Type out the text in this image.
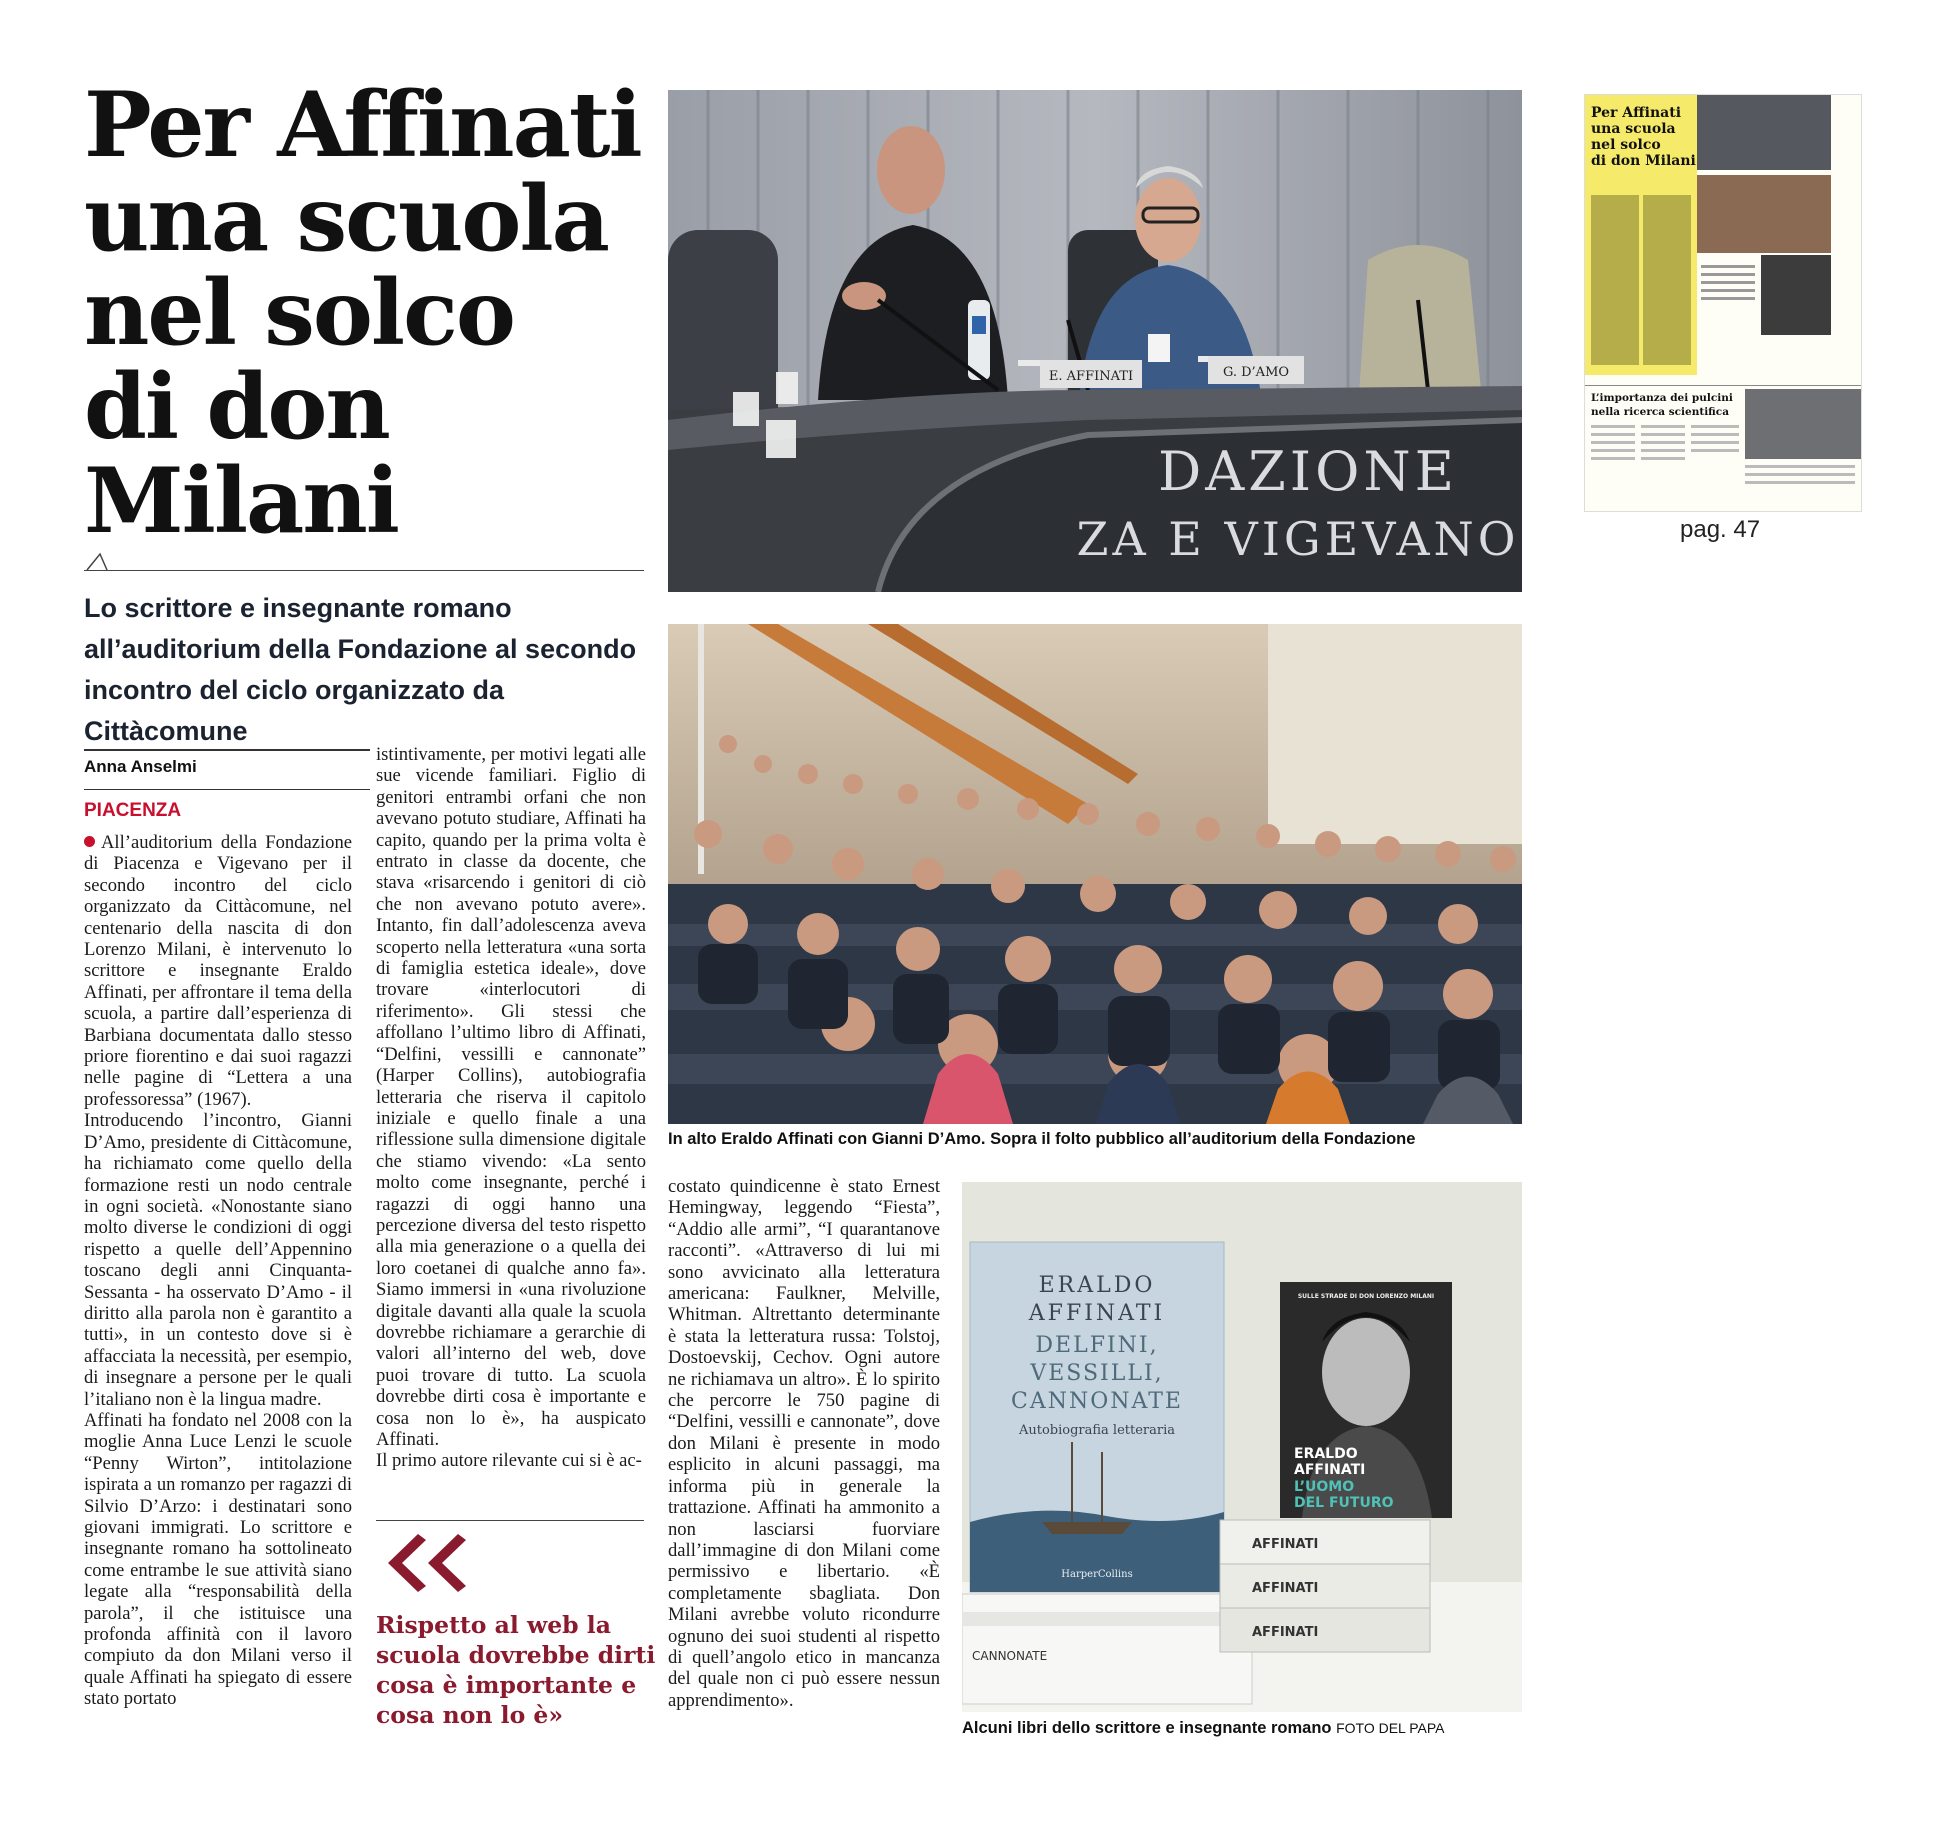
Per Affinati
una scuola
nel solco
di don Milani
Lo scrittore e insegnante romano
all’auditorium della Fondazione al secondo
incontro del ciclo organizzato da Cittàcomune
Anna Anselmi
PIACENZA

All’auditorium della Fondazione di Piacenza e Vigevano per il secondo incontro del ciclo organizzato da Cittàcomune, nel centenario della nascita di don Lorenzo Milani, è intervenuto lo scrittore e insegnante Eraldo Affinati, per affrontare il tema della scuola, a partire dall’esperienza di Barbiana documentata dallo stesso priore fiorentino e dai suoi ragazzi nelle pagine di “Lettera a una professoressa” (1967).

Introducendo l’incontro, Gianni D’Amo, presidente di Cittàcomune, ha richiamato come quello della formazione resti un nodo centrale in ogni società. «Nonostante siano molto diverse le condizioni di oggi rispetto a quelle dell’Appennino toscano degli anni Cinquanta-Sessanta - ha osservato D’Amo - il diritto alla parola non è garantito a tutti», in un contesto dove si è affacciata la necessità, per esempio, di insegnare a persone per le quali l’italiano non è la lingua madre.

Affinati ha fondato nel 2008 con la moglie Anna Luce Lenzi le scuole “Penny Wirton”, intitolazione ispirata a un romanzo per ragazzi di Silvio D’Arzo: i destinatari sono giovani immigrati. Lo scrittore e insegnante romano ha sottolineato come entrambe le sue attività siano legate alla “responsabilità della parola”, il che istituisce una profonda affinità con il lavoro compiuto da don Milani verso il quale Affinati ha spiegato di essere stato portato

istintivamente, per motivi legati alle sue vicende familiari. Figlio di genitori entrambi orfani che non avevano potuto studiare, Affinati ha capito, quando per la prima volta è entrato in classe da docente, che stava «risarcendo i genitori di ciò che non avevano potuto avere». Intanto, fin dall’adolescenza aveva scoperto nella letteratura «una sorta di famiglia estetica ideale», dove trovare «interlocutori di riferimento». Gli stessi che affollano l’ultimo libro di Affinati, “Delfini, vessilli e cannonate” (Harper Collins), autobiografia letteraria che riserva il capitolo iniziale e quello finale a una riflessione sulla dimensione digitale che stiamo vivendo: «La sento molto come insegnante, perché i ragazzi di oggi hanno una percezione diversa del testo rispetto alla mia generazione o a quella dei loro coetanei di qualche anno fa». Siamo immersi in «una rivoluzione digitale davanti alla quale la scuola dovrebbe richiamare a gerarchie di valori all’interno del web, dove puoi trovare di tutto. La scuola dovrebbe dirti cosa è importante e cosa non lo è», ha auspicato Affinati.

Il primo autore rilevante cui si è ac-

Rispetto al web la scuola dovrebbe dirti cosa è importante e cosa non lo è»

costato quindicenne è stato Ernest Hemingway, leggendo “Fiesta”, “Addio alle armi”, “I quarantanove racconti”. «Attraverso di lui mi sono avvicinato alla letteratura americana: Faulkner, Melville, Whitman. Altrettanto determinante è stata la letteratura russa: Tolstoj, Dostoevskij, Cechov. Ogni autore ne richiamava un altro». È lo spirito che percorre le 750 pagine di “Delfini, vessilli e cannonate”, dove don Milani è presente in modo esplicito in alcuni passaggi, ma informa più in generale la trattazione. Affinati ha ammonito a non lasciarsi fuorviare dall’immagine di don Milani come permissivo e libertario. «È completamente sbagliata. Don Milani avrebbe voluto ricondurre ognuno dei suoi studenti al rispetto di quell’angolo etico in mancanza del quale non ci può essere nessun apprendimento».

E. AFFINATI	G. D’AMO
DAZIONE
ZA E VIGEVANO
In alto Eraldo Affinati con Gianni D’Amo. Sopra il folto pubblico all’auditorium della Fondazione
CANNONATE
ERALDO
AFFINATI
DELFINI,
VESSILLI,
CANNONATE
Autobiografia letteraria
HarperCollins
AFFINATI
AFFINATI
AFFINATI
SULLE STRADE DI DON LORENZO MILANI
ERALDO
AFFINATI
L’UOMO
DEL FUTURO
Alcuni libri dello scrittore e insegnante romano FOTO DEL PAPA
Per Affinati
una scuola
nel solco
di don Milani
L’importanza dei pulcini
nella ricerca scientifica
pag. 47
